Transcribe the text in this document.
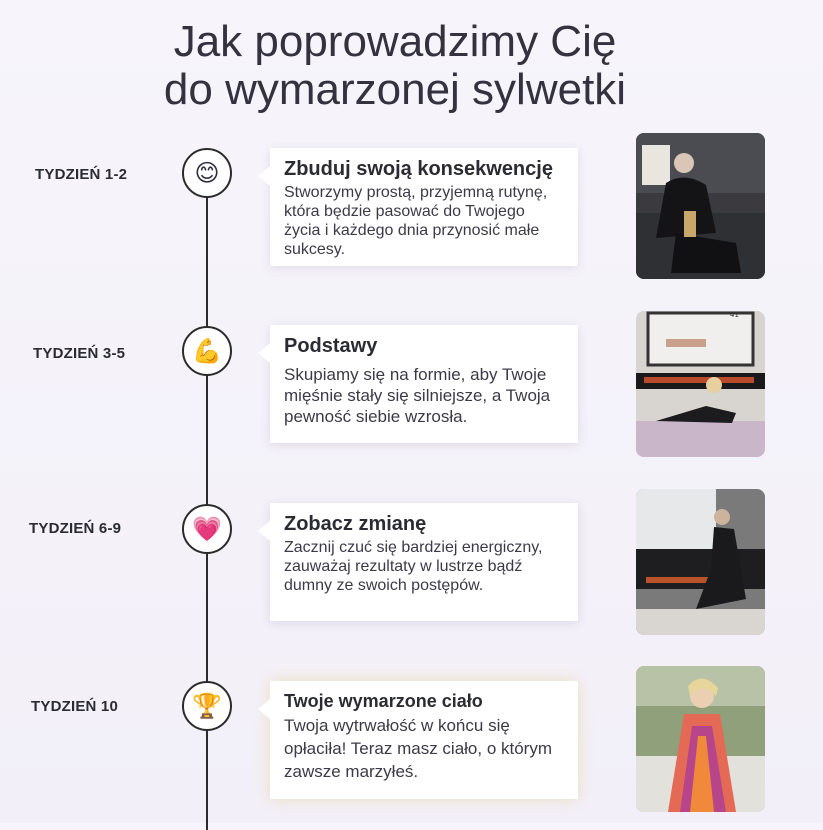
Jak poprowadzimy Cię
do wymarzonej sylwetki
TYDZIEŃ 1-2	😊	Zbuduj swoją konsekwencję

Stworzymy prostą, przyjemną rutynę, która będzie pasować do Twojego życia i każdego dnia przynosić małe sukcesy.

TYDZIEŃ 3-5	💪	Podstawy

Skupiamy się na formie, aby Twoje mięśnie stały się silniejsze, a Twoja pewność siebie wzrosła.

41
TYDZIEŃ 6-9	💗	Zobacz zmianę

Zacznij czuć się bardziej energiczny, zauważaj rezultaty w lustrze bądź dumny ze swoich postępów.

TYDZIEŃ 10	🏆	Twoje wymarzone ciało

Twoja wytrwałość w końcu się opłaciła! Teraz masz ciało, o którym zawsze marzyłeś.
